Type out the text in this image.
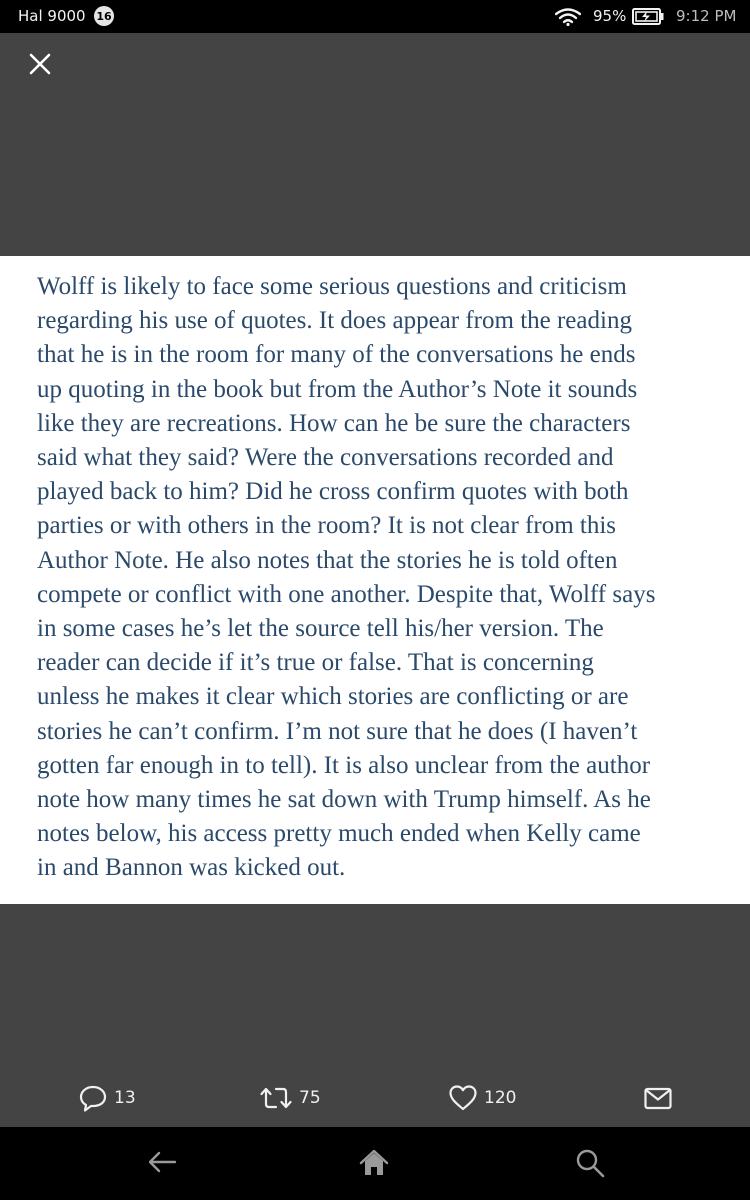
Hal 9000 16	95%	9:12 PM

Wolff is likely to face some serious questions and criticism
regarding his use of quotes. It does appear from the reading
that he is in the room for many of the conversations he ends
up quoting in the book but from the Author’s Note it sounds
like they are recreations. How can he be sure the characters
said what they said? Were the conversations recorded and
played back to him? Did he cross confirm quotes with both
parties or with others in the room? It is not clear from this
Author Note. He also notes that the stories he is told often
compete or conflict with one another. Despite that, Wolff says
in some cases he’s let the source tell his/her version. The
reader can decide if it’s true or false. That is concerning
unless he makes it clear which stories are conflicting or are
stories he can’t confirm. I’m not sure that he does (I haven’t
gotten far enough in to tell). It is also unclear from the author
note how many times he sat down with Trump himself. As he
notes below, his access pretty much ended when Kelly came
in and Bannon was kicked out.

13	75	120
